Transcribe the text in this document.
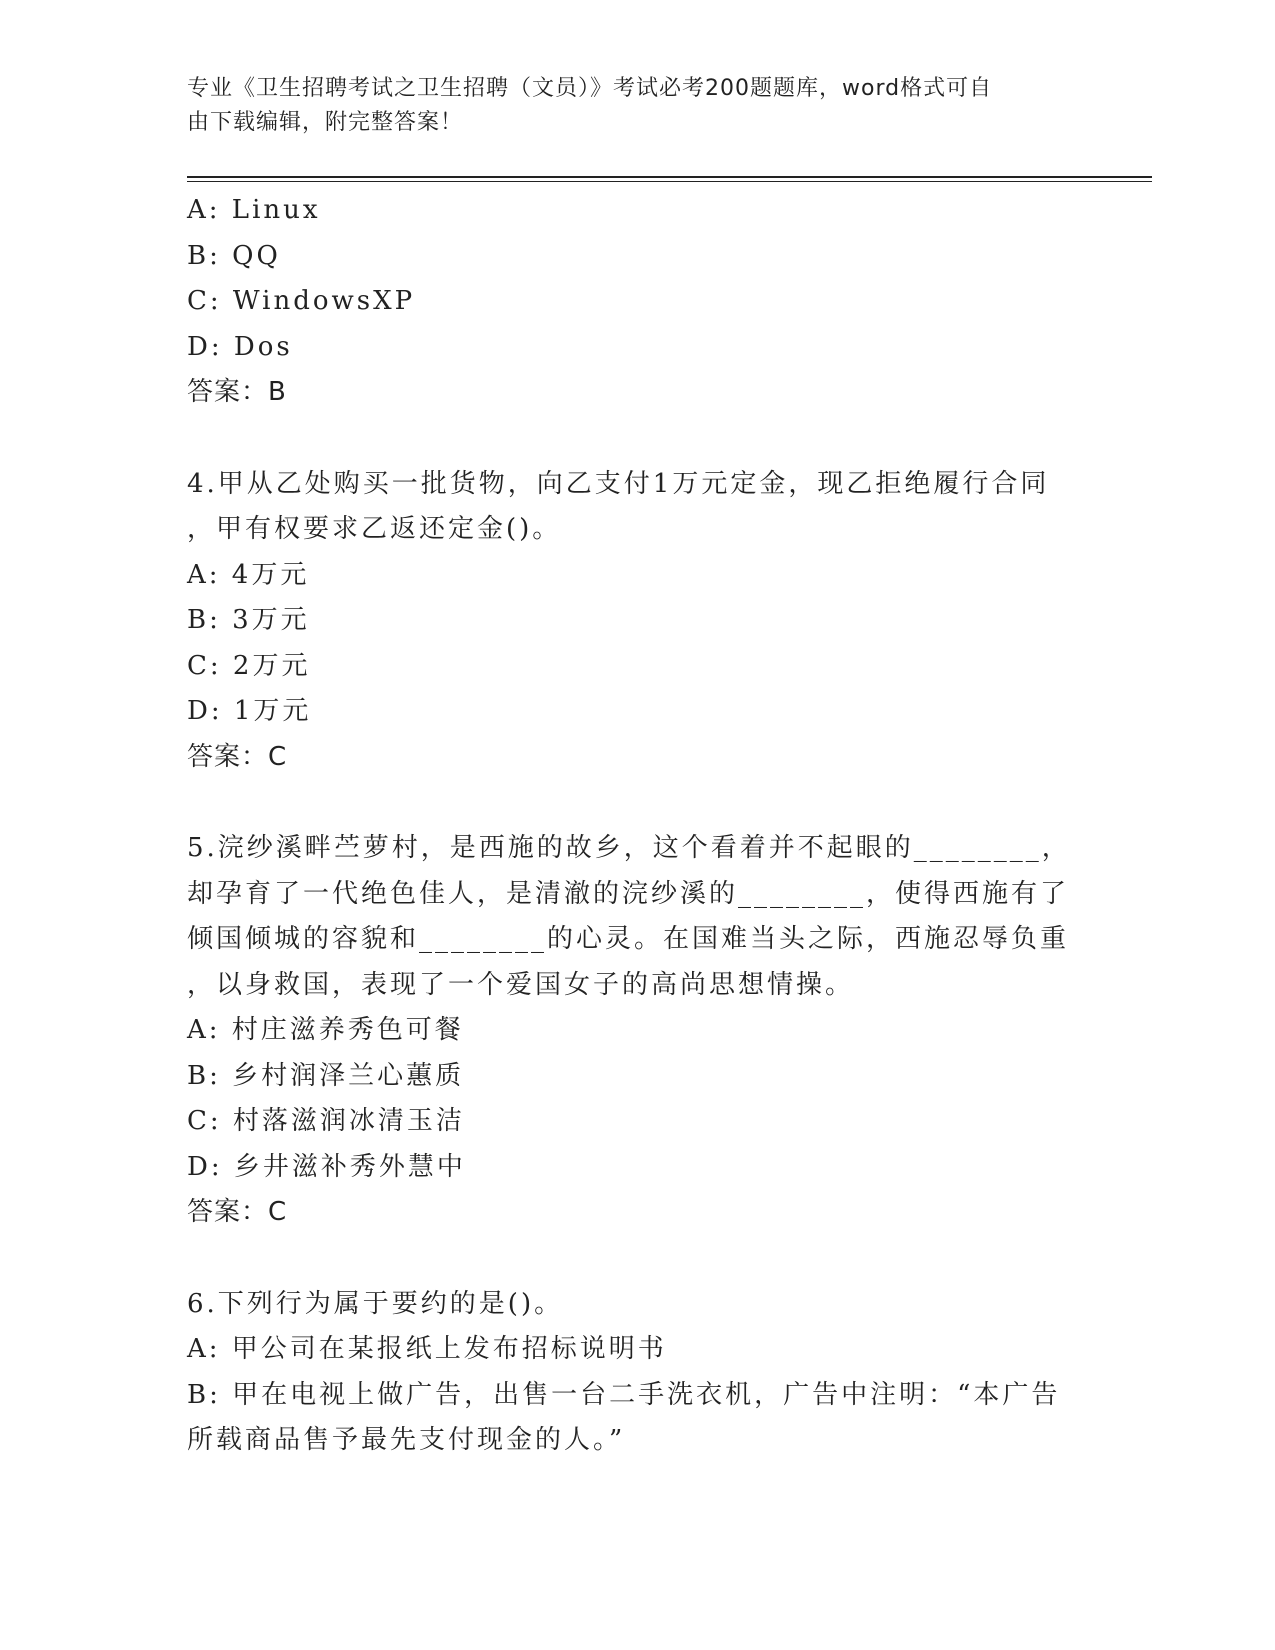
专业《卫生招聘考试之卫生招聘（文员）》考试必考200题题库，word格式可自
由下载编辑，附完整答案！
A: Linux
B: QQ
C: WindowsXP
D: Dos
答案：B
4.甲从乙处购买一批货物，向乙支付1万元定金，现乙拒绝履行合同
，甲有权要求乙返还定金()。
A: 4万元
B: 3万元
C: 2万元
D: 1万元
答案：C
5.浣纱溪畔苎萝村，是西施的故乡，这个看着并不起眼的________，
却孕育了一代绝色佳人，是清澈的浣纱溪的________，使得西施有了
倾国倾城的容貌和________的心灵。在国难当头之际，西施忍辱负重
，以身救国，表现了一个爱国女子的高尚思想情操。
A: 村庄滋养秀色可餐
B: 乡村润泽兰心蕙质
C: 村落滋润冰清玉洁
D: 乡井滋补秀外慧中
答案：C
6.下列行为属于要约的是()。
A: 甲公司在某报纸上发布招标说明书
B: 甲在电视上做广告，出售一台二手洗衣机，广告中注明：“本广告
所载商品售予最先支付现金的人。”
